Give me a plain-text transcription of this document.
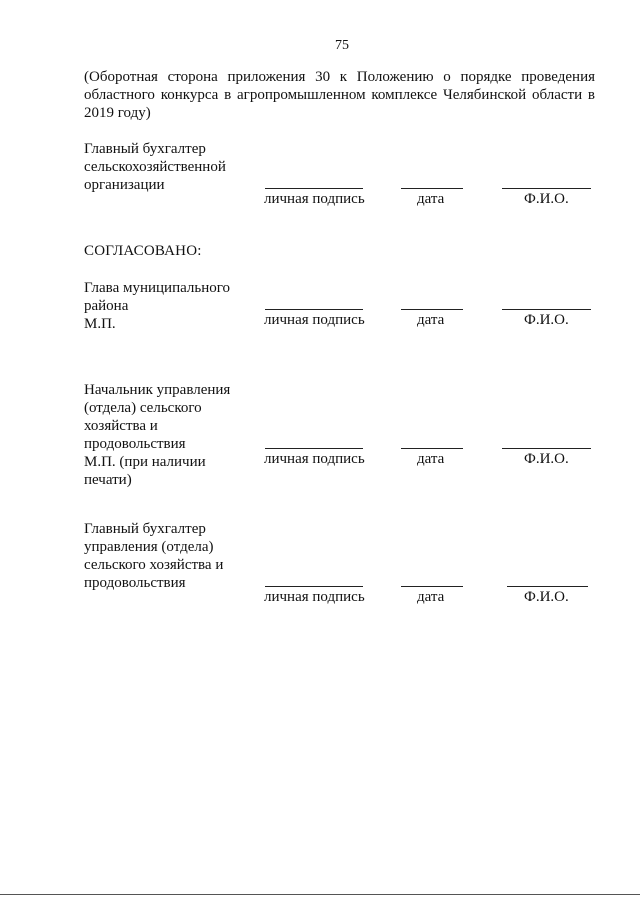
75
(Оборотная сторона приложения 30 к Положению о порядке проведения
областного конкурса в агропромышленном комплексе Челябинской области в
2019 году)
Главный бухгалтер
сельскохозяйственной
организации
личная подпись	дата	Ф.И.О.
СОГЛАСОВАНО:
Глава муниципального
района
М.П.	личная подпись	дата	Ф.И.О.
Начальник управления
(отдела) сельского
хозяйства и
продовольствия
М.П. (при наличии
печати)
личная подпись	дата	Ф.И.О.
Главный бухгалтер
управления (отдела)
сельского хозяйства и
продовольствия
личная подпись	дата	Ф.И.О.
